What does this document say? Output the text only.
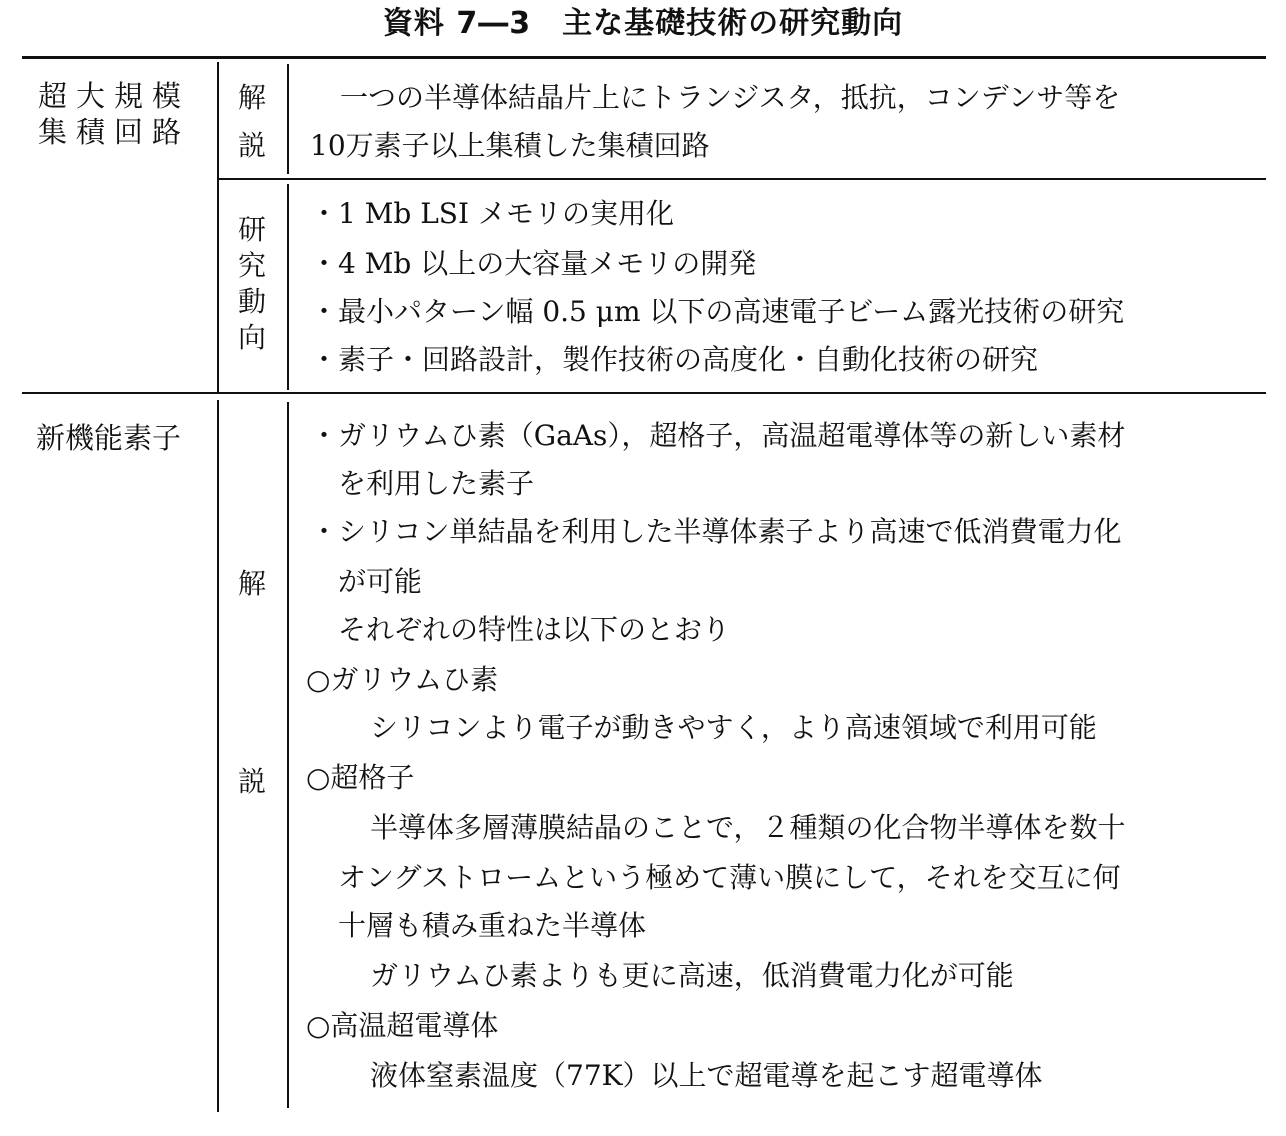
資料 7―3　主な基礎技術の研究動向
超大規模
集積回路
解
説
一つの半導体結晶片上にトランジスタ，抵抗，コンデンサ等を
10万素子以上集積した集積回路
研
究
動
向
・1 Mb LSI メモリの実用化
・4 Mb 以上の大容量メモリの開発
・最小パターン幅 0.5 μm 以下の高速電子ビーム露光技術の研究
・素子・回路設計，製作技術の高度化・自動化技術の研究
新機能素子
解
説
・ガリウムひ素（GaAs），超格子，高温超電導体等の新しい素材
を利用した素子
・シリコン単結晶を利用した半導体素子より高速で低消費電力化
が可能
それぞれの特性は以下のとおり
○ガリウムひ素
シリコンより電子が動きやすく，より高速領域で利用可能
○超格子
半導体多層薄膜結晶のことで，２種類の化合物半導体を数十
オングストロームという極めて薄い膜にして，それを交互に何
十層も積み重ねた半導体
ガリウムひ素よりも更に高速，低消費電力化が可能
○高温超電導体
液体窒素温度（77K）以上で超電導を起こす超電導体
